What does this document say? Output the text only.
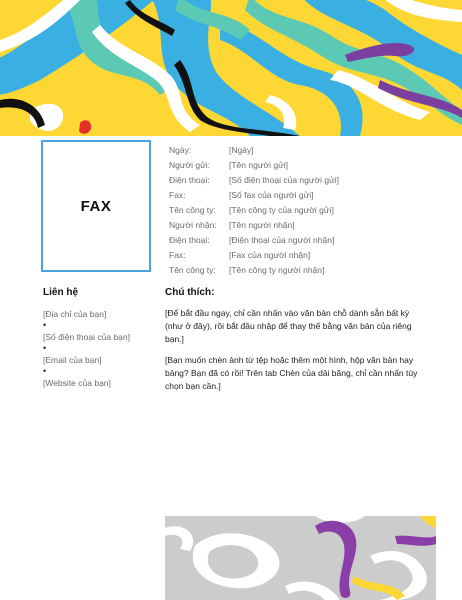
FAX
Ngày:	[Ngày]
Người gửi:	[Tên người gửi]
Điện thoại:	[Số điện thoại của người gửi]
Fax:	[Số fax của người gửi]
Tên công ty:	[Tên công ty của người gửi]
Người nhận:	[Tên người nhận]
Điện thoại:	[Điện thoại của người nhận]
Fax:	[Fax của người nhận]
Tên công ty:	[Tên công ty người nhận]
Liên hệ
[Địa chỉ của bạn]
•
[Số điện thoại của bạn]
•
[Email của bạn]
•
[Website của bạn]
Chú thích:

[Để bắt đầu ngay, chỉ cần nhấn vào văn bản chỗ dành sẵn bất kỳ (như ở đây), rồi bắt đầu nhập để thay thế bằng văn bản của riêng bạn.]

[Bạn muốn chèn ảnh từ tệp hoặc thêm một hình, hộp văn bản hay bảng? Bạn đã có rồi! Trên tab Chèn của dải băng, chỉ cần nhấn tùy chọn bạn cần.]
